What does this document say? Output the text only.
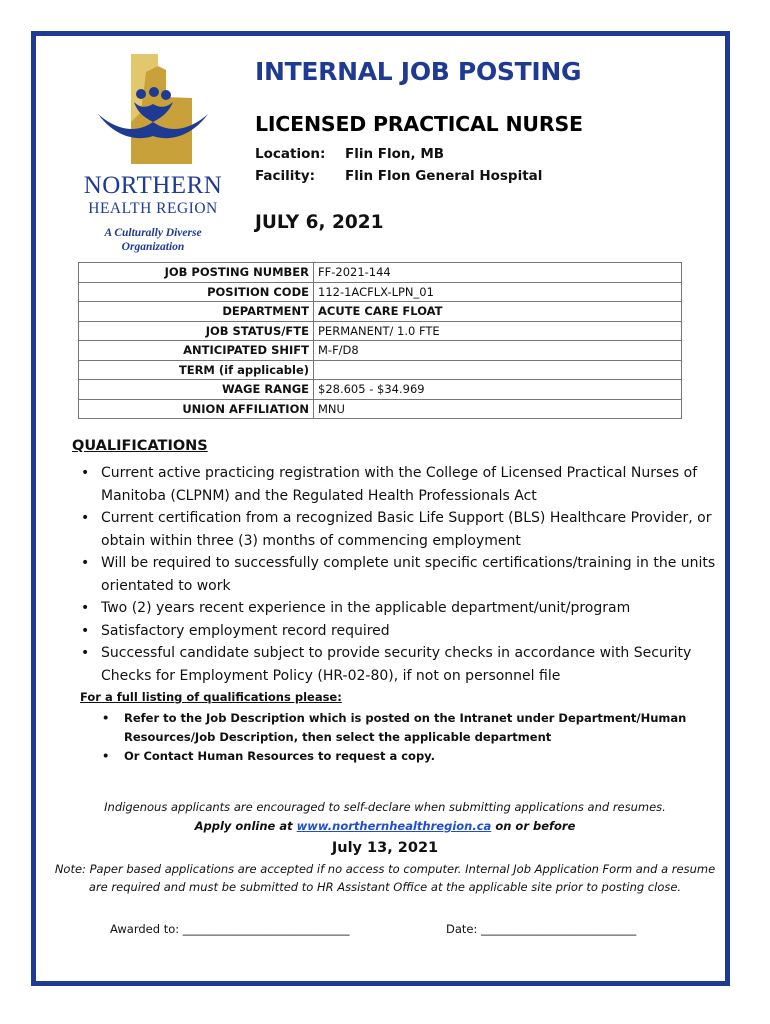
NORTHERN
HEALTH REGION
A Culturally Diverse
Organization
INTERNAL JOB POSTING
LICENSED PRACTICAL NURSE
Location: Flin Flon, MB
Facility: Flin Flon General Hospital
JULY 6, 2021
JOB POSTING NUMBER	FF-2021-144
POSITION CODE	112-1ACFLX-LPN_01
DEPARTMENT	ACUTE CARE FLOAT
JOB STATUS/FTE	PERMANENT/ 1.0 FTE
ANTICIPATED SHIFT	M-F/D8
TERM (if applicable)	
WAGE RANGE	$28.605 - $34.969
UNION AFFILIATION	MNU
QUALIFICATIONS
• Current active practicing registration with the College of Licensed Practical Nurses of Manitoba (CLPNM) and the Regulated Health Professionals Act
• Current certification from a recognized Basic Life Support (BLS) Healthcare Provider, or obtain within three (3) months of commencing employment
• Will be required to successfully complete unit specific certifications/training in the units orientated to work
• Two (2) years recent experience in the applicable department/unit/program
• Satisfactory employment record required
• Successful candidate subject to provide security checks in accordance with Security Checks for Employment Policy (HR-02-80), if not on personnel file
For a full listing of qualifications please:
• Refer to the Job Description which is posted on the Intranet under Department/Human Resources/Job Description, then select the applicable department
• Or Contact Human Resources to request a copy.
Indigenous applicants are encouraged to self-declare when submitting applications and resumes.
Apply online at www.northernhealthregion.ca on or before
July 13, 2021
Note: Paper based applications are accepted if no access to computer. Internal Job Application Form and a resume are required and must be submitted to HR Assistant Office at the applicable site prior to posting close.
Awarded to: _____________________________	Date: ___________________________
